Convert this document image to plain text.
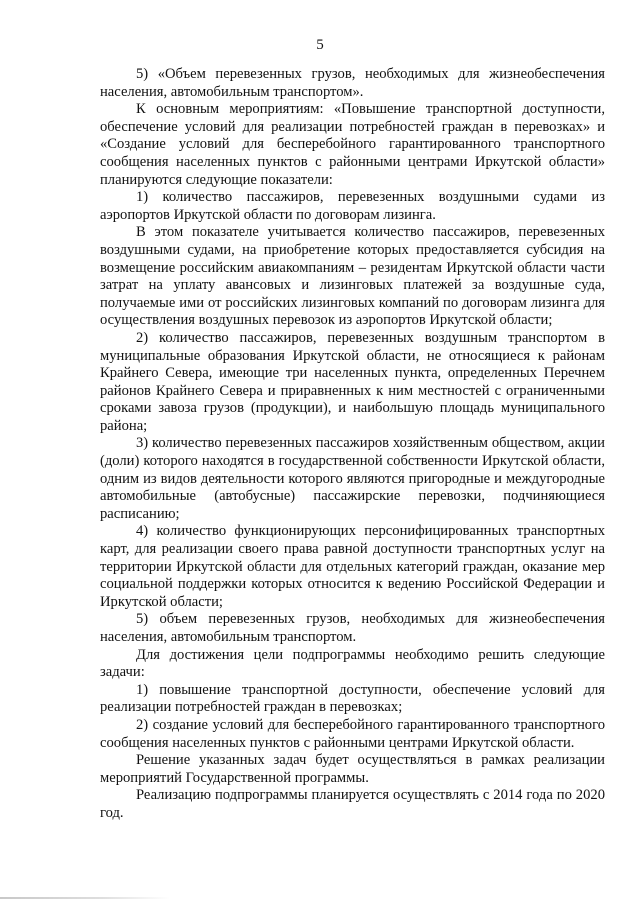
5

5) «Объем перевезенных грузов, необходимых для жизнеобеспечения населения, автомобильным транспортом».

К основным мероприятиям: «Повышение транспортной доступности, обеспечение условий для реализации потребностей граждан в перевозках» и «Создание условий для бесперебойного гарантированного транспортного сообщения населенных пунктов с районными центрами Иркутской области» планируются следующие показатели:

1) количество пассажиров, перевезенных воздушными судами из аэропортов Иркутской области по договорам лизинга.

В этом показателе учитывается количество пассажиров, перевезенных воздушными судами, на приобретение которых предоставляется субсидия на возмещение российским авиакомпаниям – резидентам Иркутской области части затрат на уплату авансовых и лизинговых платежей за воздушные суда, получаемые ими от российских лизинговых компаний по договорам лизинга для осуществления воздушных перевозок из аэропортов Иркутской области;

2) количество пассажиров, перевезенных воздушным транспортом в муниципальные образования Иркутской области, не относящиеся к районам Крайнего Севера, имеющие три населенных пункта, определенных Перечнем районов Крайнего Севера и приравненных к ним местностей с ограниченными сроками завоза грузов (продукции), и наибольшую площадь муниципального района;

3) количество перевезенных пассажиров хозяйственным обществом, акции (доли) которого находятся в государственной собственности Иркутской области, одним из видов деятельности которого являются пригородные и междугородные автомобильные (автобусные) пассажирские перевозки, подчиняющиеся расписанию;

4) количество функционирующих персонифицированных транспортных карт, для реализации своего права равной доступности транспортных услуг на территории Иркутской области для отдельных категорий граждан, оказание мер социальной поддержки которых относится к ведению Российской Федерации и Иркутской области;

5) объем перевезенных грузов, необходимых для жизнеобеспечения населения, автомобильным транспортом.

Для достижения цели подпрограммы необходимо решить следующие задачи:

1) повышение транспортной доступности, обеспечение условий для реализации потребностей граждан в перевозках;

2) создание условий для бесперебойного гарантированного транспортного сообщения населенных пунктов с районными центрами Иркутской области.

Решение указанных задач будет осуществляться в рамках реализации мероприятий Государственной программы.

Реализацию подпрограммы планируется осуществлять с 2014 года по 2020 год.
